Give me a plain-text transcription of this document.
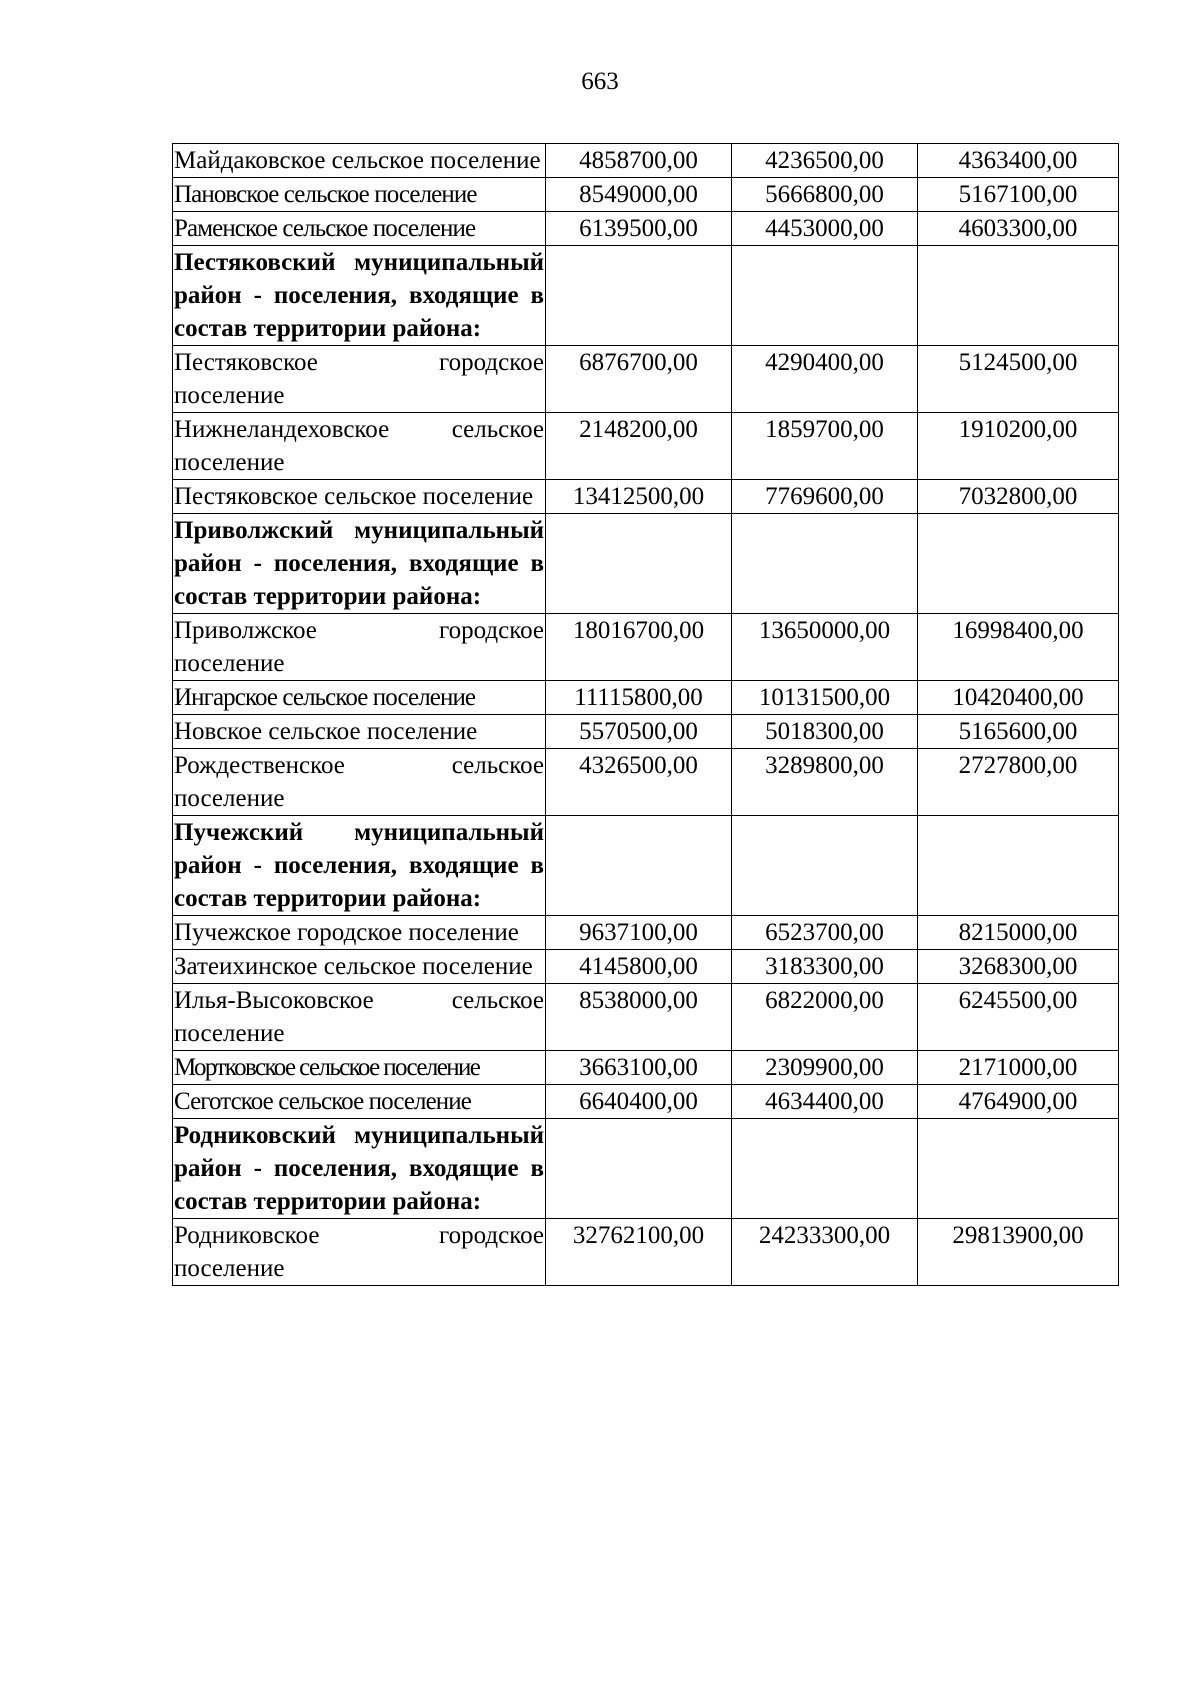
663
Майдаковское сельское поселение	4858700,00	4236500,00	4363400,00
Пановское сельское поселение	8549000,00	5666800,00	5167100,00
Раменское сельское поселение	6139500,00	4453000,00	4603300,00
Пестяковский муниципальный район - поселения, входящие в состав территории района:			
Пестяковское городское поселение	6876700,00	4290400,00	5124500,00
Нижнеландеховское сельское поселение	2148200,00	1859700,00	1910200,00
Пестяковское сельское поселение	13412500,00	7769600,00	7032800,00
Приволжский муниципальный район - поселения, входящие в состав территории района:			
Приволжское городское поселение	18016700,00	13650000,00	16998400,00
Ингарское сельское поселение	11115800,00	10131500,00	10420400,00
Новское сельское поселение	5570500,00	5018300,00	5165600,00
Рождественское сельское поселение	4326500,00	3289800,00	2727800,00
Пучежский муниципальный район - поселения, входящие в состав территории района:			
Пучежское городское поселение	9637100,00	6523700,00	8215000,00
Затеихинское сельское поселение	4145800,00	3183300,00	3268300,00
Илья-Высоковское сельское поселение	8538000,00	6822000,00	6245500,00
Мортковское сельское поселение	3663100,00	2309900,00	2171000,00
Сеготское сельское поселение	6640400,00	4634400,00	4764900,00
Родниковский муниципальный район - поселения, входящие в состав территории района:			
Родниковское городское поселение	32762100,00	24233300,00	29813900,00
